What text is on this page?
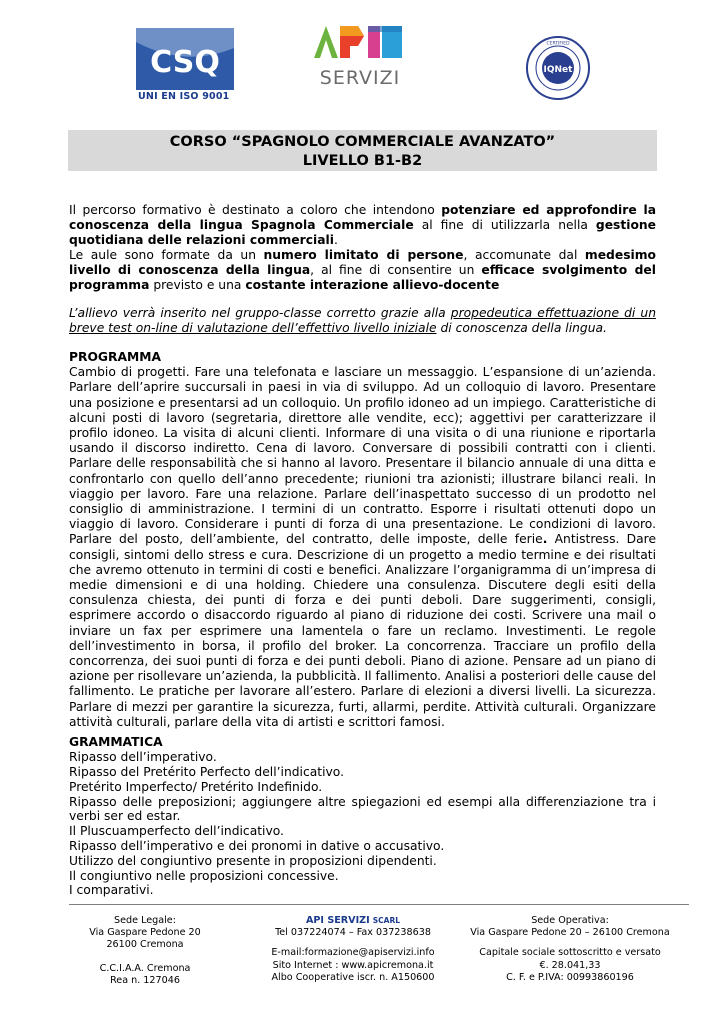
CSQ
UNI EN ISO 9001
SERVIZI	IQNet
CERTIFIED
CORSO “SPAGNOLO COMMERCIALE AVANZATO”
LIVELLO B1-B2
Il percorso formativo è destinato a coloro che intendono potenziare ed approfondire la conoscenza della lingua Spagnola Commerciale al fine di utilizzarla nella gestione quotidiana delle relazioni commerciali.
Le aule sono formate da un numero limitato di persone, accomunate dal medesimo livello di conoscenza della lingua, al fine di consentire un efficace svolgimento del programma previsto e una costante interazione allievo-docente
L’allievo verrà inserito nel gruppo-classe corretto grazie alla propedeutica effettuazione di un breve test on-line di valutazione dell’effettivo livello iniziale di conoscenza della lingua.
PROGRAMMA
Cambio di progetti. Fare una telefonata e lasciare un messaggio. L’espansione di un’azienda. Parlare dell’aprire succursali in paesi in via di sviluppo. Ad un colloquio di lavoro. Presentare una posizione e presentarsi ad un colloquio. Un profilo idoneo ad un impiego. Caratteristiche di alcuni posti di lavoro (segretaria, direttore alle vendite, ecc); aggettivi per caratterizzare il profilo idoneo. La visita di alcuni clienti. Informare di una visita o di una riunione e riportarla usando il discorso indiretto. Cena di lavoro. Conversare di possibili contratti con i clienti. Parlare delle responsabilità che si hanno al lavoro. Presentare il bilancio annuale di una ditta e confrontarlo con quello dell’anno precedente; riunioni tra azionisti; illustrare bilanci reali. In viaggio per lavoro. Fare una relazione. Parlare dell’inaspettato successo di un prodotto nel consiglio di amministrazione. I termini di un contratto. Esporre i risultati ottenuti dopo un viaggio di lavoro. Considerare i punti di forza di una presentazione. Le condizioni di lavoro. Parlare del posto, dell’ambiente, del contratto, delle imposte, delle ferie. Antistress. Dare consigli, sintomi dello stress e cura. Descrizione di un progetto a medio termine e dei risultati che avremo ottenuto in termini di costi e benefici. Analizzare l’organigramma di un’impresa di medie dimensioni e di una holding. Chiedere una consulenza. Discutere degli esiti della consulenza chiesta, dei punti di forza e dei punti deboli. Dare suggerimenti, consigli, esprimere accordo o disaccordo riguardo al piano di riduzione dei costi. Scrivere una mail o inviare un fax per esprimere una lamentela o fare un reclamo. Investimenti. Le regole dell’investimento in borsa, il profilo del broker. La concorrenza. Tracciare un profilo della concorrenza, dei suoi punti di forza e dei punti deboli. Piano di azione. Pensare ad un piano di azione per risollevare un’azienda, la pubblicità. Il fallimento. Analisi a posteriori delle cause del fallimento. Le pratiche per lavorare all’estero. Parlare di elezioni a diversi livelli. La sicurezza. Parlare di mezzi per garantire la sicurezza, furti, allarmi, perdite. Attività culturali. Organizzare attività culturali, parlare della vita di artisti e scrittori famosi.
GRAMMATICA
Ripasso dell’imperativo.
Ripasso del Pretérito Perfecto dell’indicativo.
Pretérito Imperfecto/ Pretérito Indefinido.
Ripasso delle preposizioni; aggiungere altre spiegazioni ed esempi alla differenziazione tra i verbi ser ed estar.
Il Pluscuamperfecto dell’indicativo.
Ripasso dell’imperativo e dei pronomi in dative o accusativo.
Utilizzo del congiuntivo presente in proposizioni dipendenti.
Il congiuntivo nelle proposizioni concessive.
I comparativi.
Sede Legale:
Via Gaspare Pedone 20
26100 Cremona
C.C.I.A.A. Cremona
Rea n. 127046
API SERVIZI SCARL
Tel 037224074 – Fax 037238638
E-mail:formazione@apiservizi.info
Sito Internet : www.apicremona.it
Albo Cooperative iscr. n. A150600
Sede Operativa:
Via Gaspare Pedone 20 – 26100 Cremona
Capitale sociale sottoscritto e versato
€. 28.041,33
C. F. e P.IVA: 00993860196
